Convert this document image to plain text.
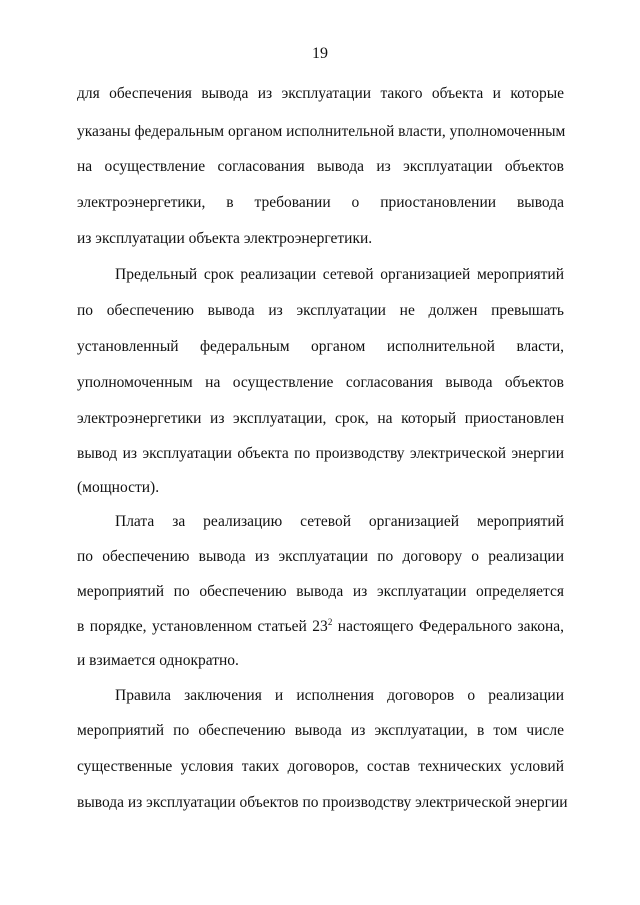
19
для обеспечения вывода из эксплуатации такого объекта и которые
указаны федеральным органом исполнительной власти, уполномоченным
на осуществление согласования вывода из эксплуатации объектов
электроэнергетики, в требовании о приостановлении вывода
из эксплуатации объекта электроэнергетики.
Предельный срок реализации сетевой организацией мероприятий
по обеспечению вывода из эксплуатации не должен превышать
установленный федеральным органом исполнительной власти,
уполномоченным на осуществление согласования вывода объектов
электроэнергетики из эксплуатации, срок, на который приостановлен
вывод из эксплуатации объекта по производству электрической энергии
(мощности).
Плата за реализацию сетевой организацией мероприятий
по обеспечению вывода из эксплуатации по договору о реализации
мероприятий по обеспечению вывода из эксплуатации определяется
в порядке, установленном статьей $23^2$ настоящего Федерального закона,
и взимается однократно.
Правила заключения и исполнения договоров о реализации
мероприятий по обеспечению вывода из эксплуатации, в том числе
существенные условия таких договоров, состав технических условий
вывода из эксплуатации объектов по производству электрической энергии
